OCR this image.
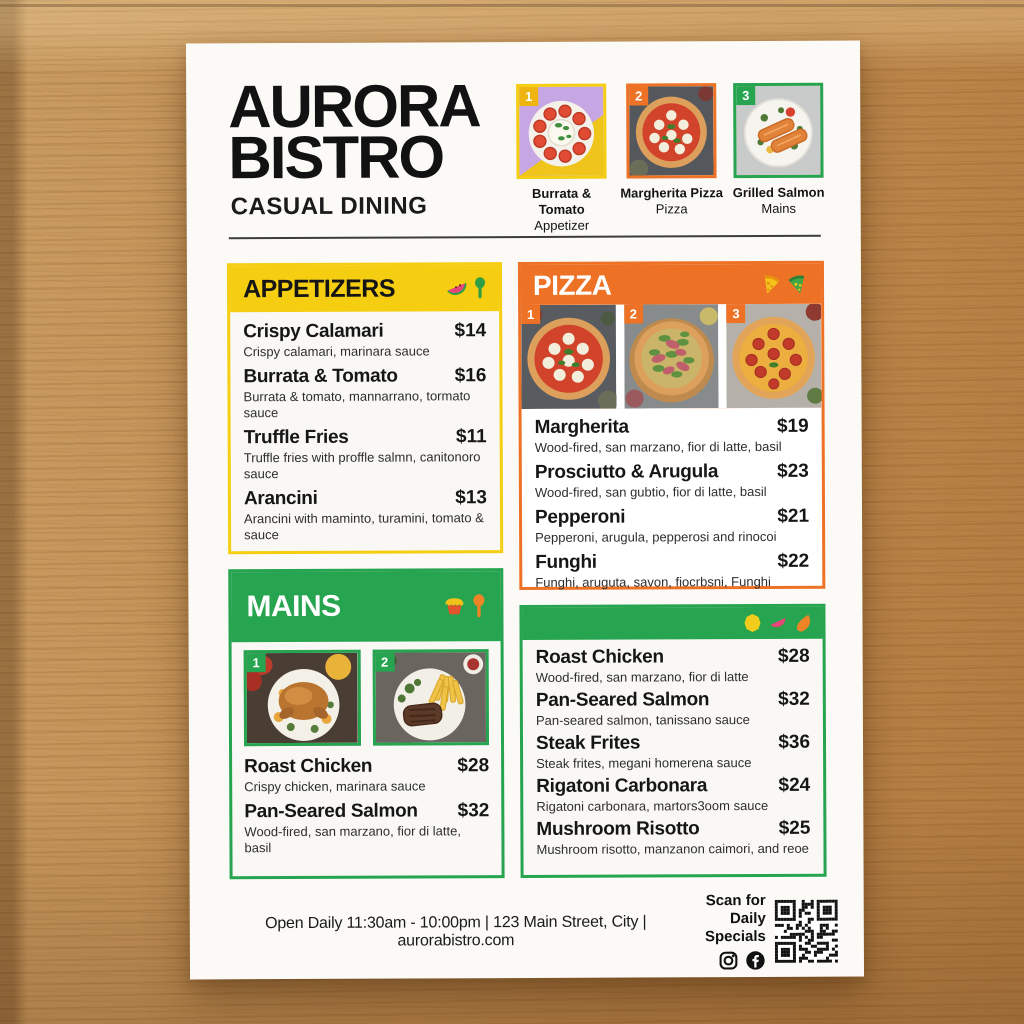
AURORA
BISTRO
CASUAL DINING
1
Burrata & Tomato
Appetizer
2
Margherita Pizza
Pizza
3
Grilled Salmon
Mains
APPETIZERS
Crispy Calamari	$14
Crispy calamari, marinara sauce
Burrata & Tomato	$16
Burrata & tomato, mannarrano, tormato sauce
Truffle Fries	$11
Truffle fries with proffle salmn, canitonoro sauce
Arancini	$13
Arancini with maminto, turamini, tomato & sauce
PIZZA
1	2	3
Margherita	$19
Wood-fired, san marzano, fior di latte, basil
Prosciutto & Arugula	$23
Wood-fired, san gubtio, fior di latte, basil
Pepperoni	$21
Pepperoni, arugula, pepperosi and rinocoi
Funghi	$22
Funghi, aruguta, savon, fiocrbsni, Funghi
MAINS
1	2
Roast Chicken	$28
Crispy chicken, marinara sauce
Pan-Seared Salmon $32
Wood-fired, san marzano, fior di latte, basil
Roast Chicken	$28
Wood-fired, san marzano, fior di latte
Pan-Seared Salmon	$32
Pan-seared salmon, tanissano sauce
Steak Frites	$36
Steak frites, megani homerena sauce
Rigatoni Carbonara	$24
Rigatoni carbonara, martors3oom sauce
Mushroom Risotto	$25
Mushroom risotto, manzanon caimori, and reoe
Open Daily 11:30am - 10:00pm | 123 Main Street, City | aurorabistro.com
Scan for
Daily Specials
